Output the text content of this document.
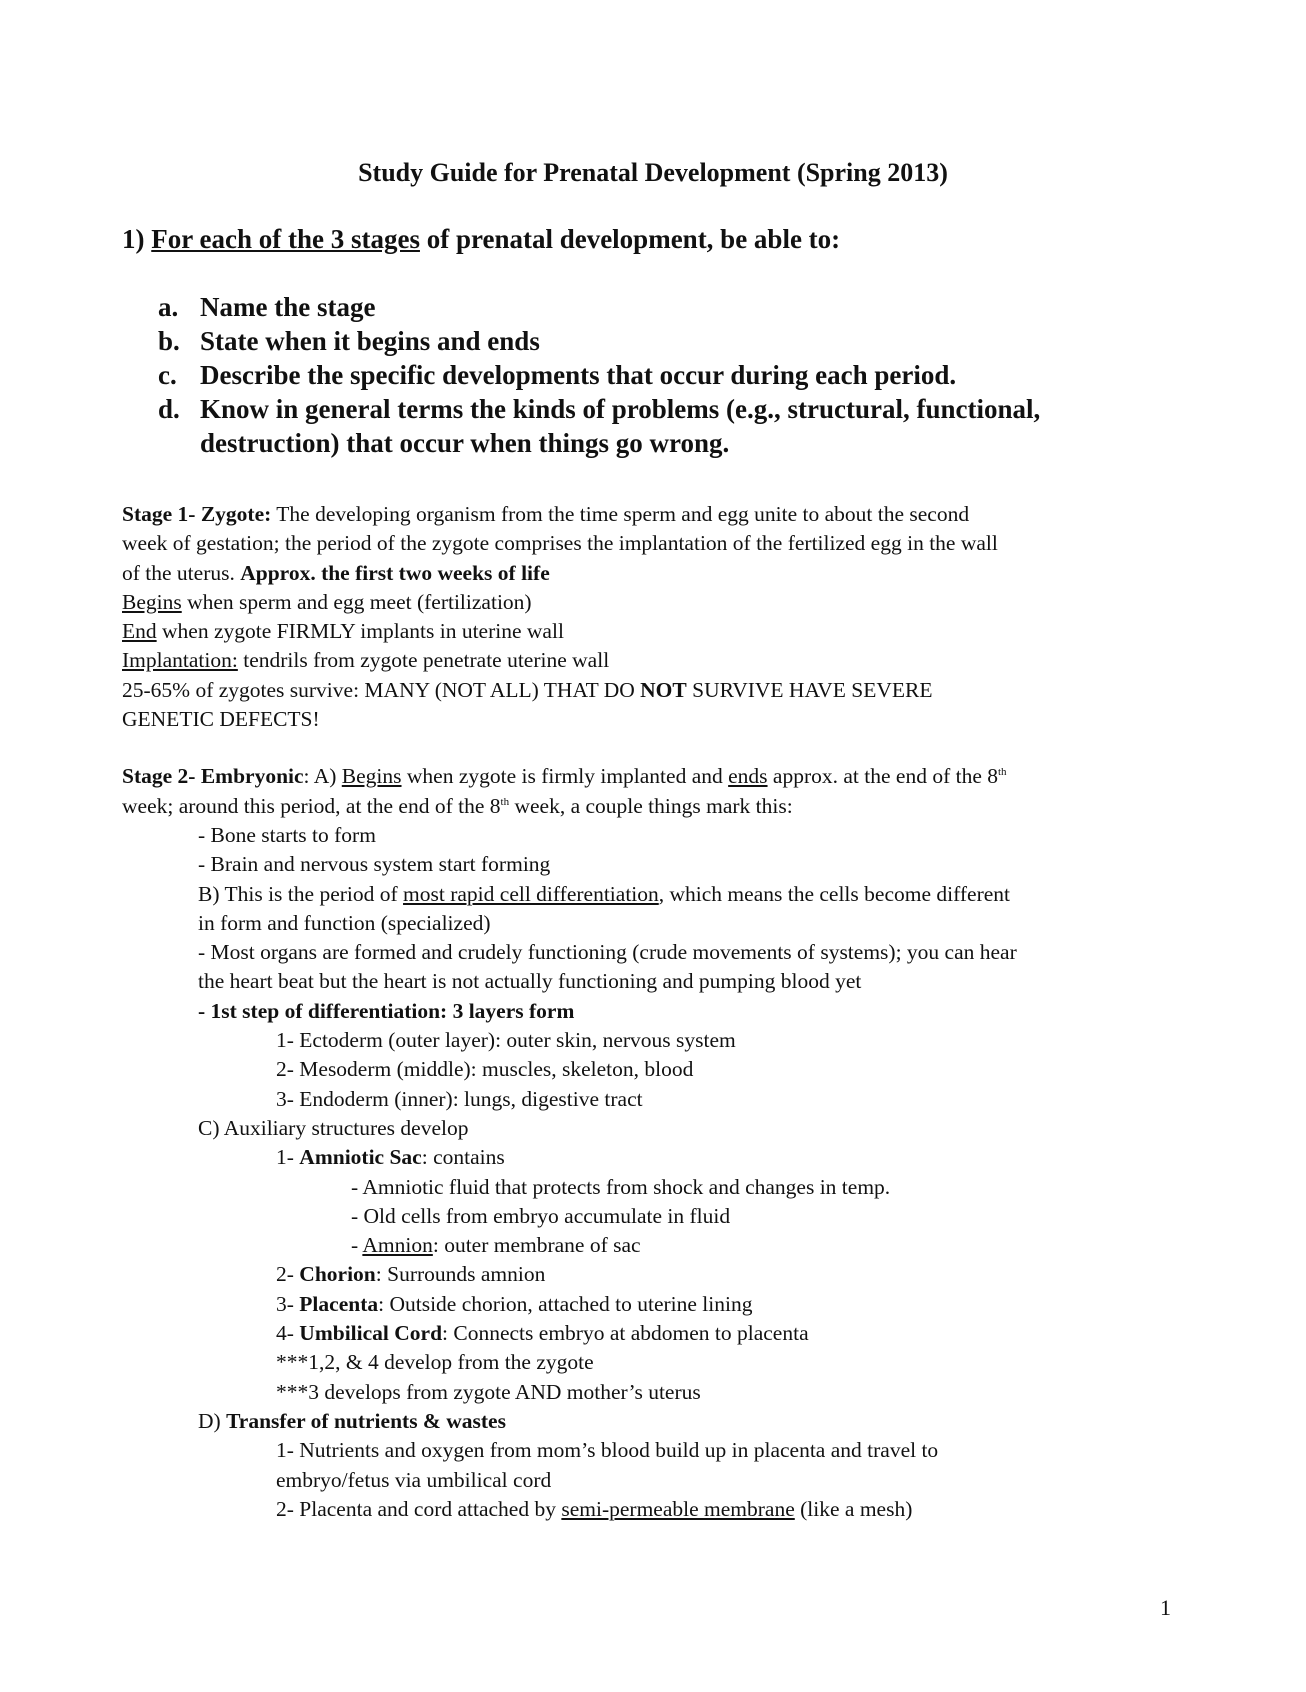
Study Guide for Prenatal Development (Spring 2013)
1) For each of the 3 stages of prenatal development, be able to:
a. Name the stage
b. State when it begins and ends
c. Describe the specific developments that occur during each period.
d. Know in general terms the kinds of problems (e.g., structural, functional, destruction) that occur when things go wrong.
Stage 1- Zygote: The developing organism from the time sperm and egg unite to about the second
week of gestation; the period of the zygote comprises the implantation of the fertilized egg in the wall
of the uterus. Approx. the first two weeks of life
Begins when sperm and egg meet (fertilization)
End when zygote FIRMLY implants in uterine wall
Implantation: tendrils from zygote penetrate uterine wall
25-65% of zygotes survive: MANY (NOT ALL) THAT DO NOT SURVIVE HAVE SEVERE
GENETIC DEFECTS!
Stage 2- Embryonic: A) Begins when zygote is firmly implanted and ends approx. at the end of the 8th
week; around this period, at the end of the 8th week, a couple things mark this:
- Bone starts to form
- Brain and nervous system start forming
B) This is the period of most rapid cell differentiation, which means the cells become different
in form and function (specialized)
- Most organs are formed and crudely functioning (crude movements of systems); you can hear
the heart beat but the heart is not actually functioning and pumping blood yet
- 1st step of differentiation: 3 layers form
1- Ectoderm (outer layer): outer skin, nervous system
2- Mesoderm (middle): muscles, skeleton, blood
3- Endoderm (inner): lungs, digestive tract
C) Auxiliary structures develop
1- Amniotic Sac: contains
- Amniotic fluid that protects from shock and changes in temp.
- Old cells from embryo accumulate in fluid
- Amnion: outer membrane of sac
2- Chorion: Surrounds amnion
3- Placenta: Outside chorion, attached to uterine lining
4- Umbilical Cord: Connects embryo at abdomen to placenta
***1,2, & 4 develop from the zygote
***3 develops from zygote AND mother’s uterus
D) Transfer of nutrients & wastes
1- Nutrients and oxygen from mom’s blood build up in placenta and travel to
embryo/fetus via umbilical cord
2- Placenta and cord attached by semi-permeable membrane (like a mesh)
1
